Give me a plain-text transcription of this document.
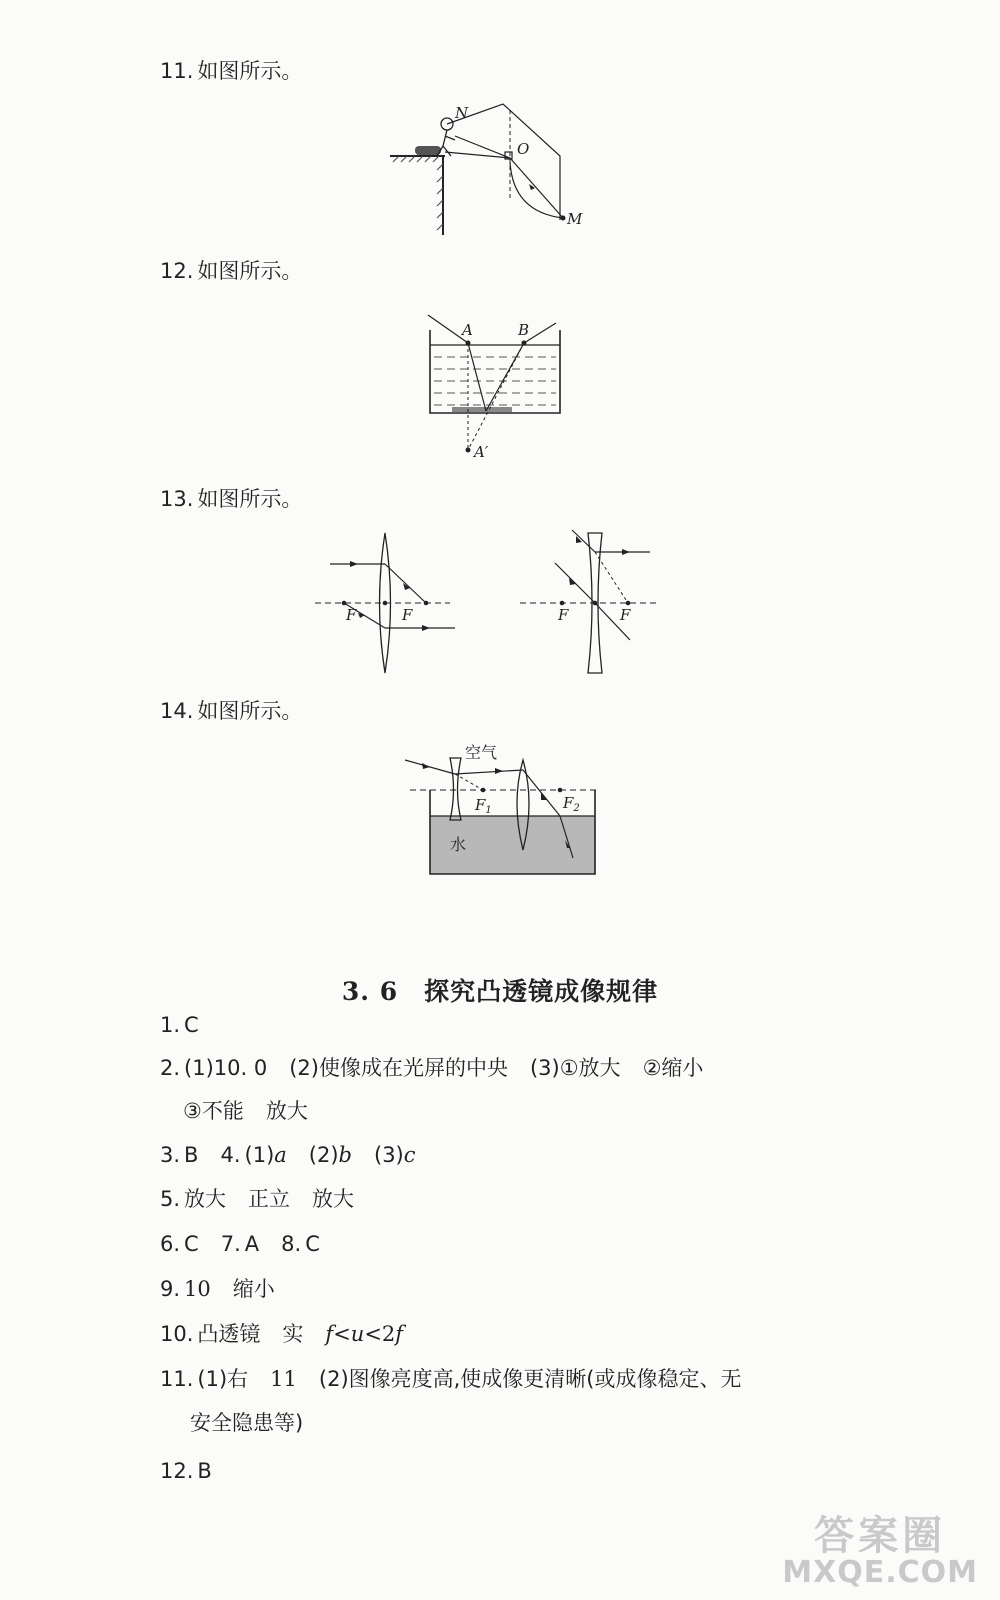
11. 如图所示。
N
O
M
12. 如图所示。
A	B
A′
13. 如图所示。
F	F	F	F
14. 如图所示。
空气
水
$F_1$	$F_2$
3. 6　探究凸透镜成像规律
1. C
2. (1)10. 0 (2)使像成在光屏的中央 (3)①放大 ②缩小
③不能 放大
3. B 4. (1)a (2)b (3)c
5. 放大 正立 放大
6. C 7. A 8. C
9. 10 缩小
10. 凸透镜 实 f<u<2f
11. (1)右 11 (2)图像亮度高,使成像更清晰(或成像稳定、无
安全隐患等)
12. B
答案圈
MXQE.COM
